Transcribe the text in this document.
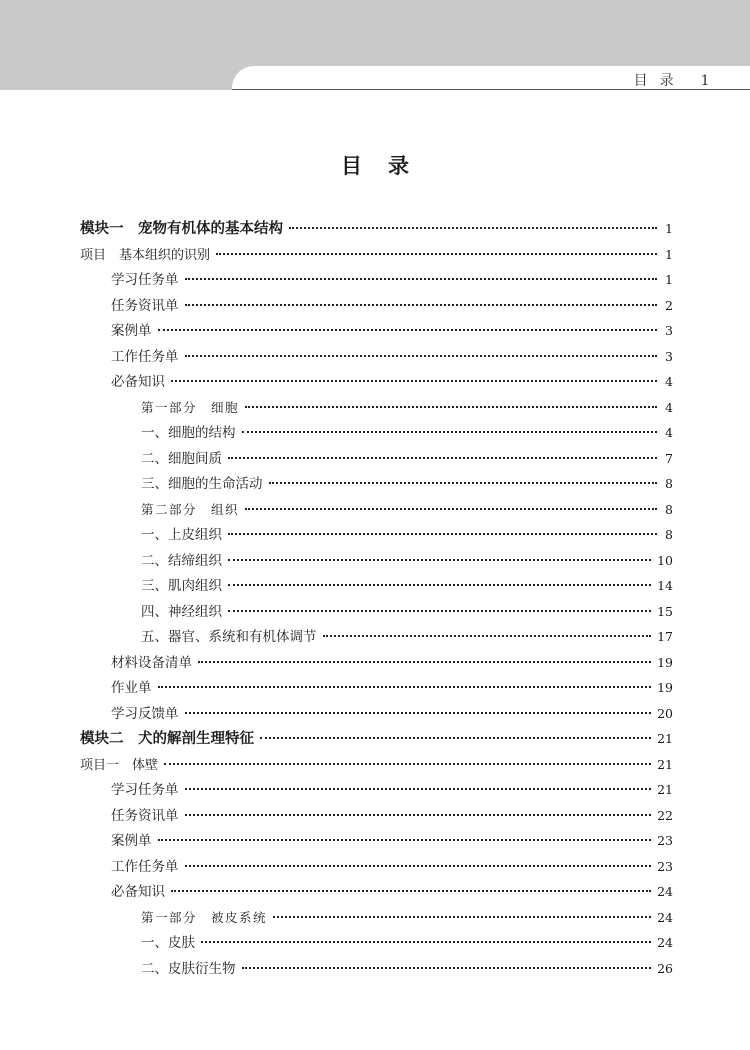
目录 1
目录
模块一　宠物有机体的基本结构	1
项目　基本组织的识别	1
学习任务单	1
任务资讯单	2
案例单	3
工作任务单	3
必备知识	4
第一部分　细胞	4
一、细胞的结构	4
二、细胞间质	7
三、细胞的生命活动	8
第二部分　组织	8
一、上皮组织	8
二、结缔组织	10
三、肌肉组织	14
四、神经组织	15
五、器官、系统和有机体调节	17
材料设备清单	19
作业单	19
学习反馈单	20
模块二　犬的解剖生理特征	21
项目一　体壁	21
学习任务单	21
任务资讯单	22
案例单	23
工作任务单	23
必备知识	24
第一部分　被皮系统	24
一、皮肤	24
二、皮肤衍生物	26
